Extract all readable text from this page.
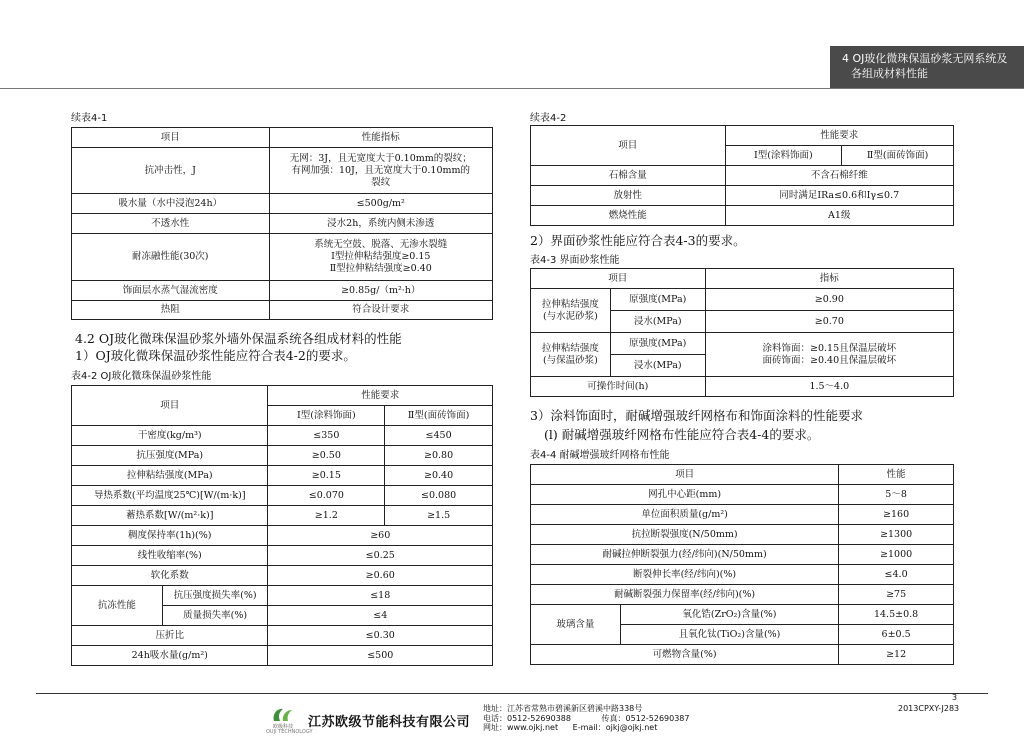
4 OJ玻化微珠保温砂浆无网系统及
各组成材料性能
续表4-1
项目	性能指标
抗冲击性，J	无网：3J，且无宽度大于0.10mm的裂纹；
有网加强：10J，且无宽度大于0.10mm的
裂纹
吸水量（水中浸泡24h）	≤500g/m²
不透水性	浸水2h，系统内侧未渗透
耐冻融性能(30次)	系统无空鼓、脱落、无渗水裂缝
Ⅰ型拉伸粘结强度≥0.15
Ⅱ型拉伸粘结强度≥0.40
饰面层水蒸气湿流密度	≥0.85g/（m²·h）
热阻	符合设计要求
4.2 OJ玻化微珠保温砂浆外墙外保温系统各组成材料的性能
1）OJ玻化微珠保温砂浆性能应符合表4-2的要求。
表4-2 OJ玻化微珠保温砂浆性能
项目		性能要求	
		Ⅰ型(涂料饰面)	Ⅱ型(面砖饰面)
干密度(kg/m³)		≤350	≤450
抗压强度(MPa)		≥0.50	≥0.80
拉伸粘结强度(MPa)		≥0.15	≥0.40
导热系数(平均温度25℃)[W/(m·k)]		≤0.070	≤0.080
蓄热系数[W/(m²·k)]		≥1.2	≥1.5
稠度保持率(1h)(%)		≥60	
线性收缩率(%)		≤0.25	
软化系数		≥0.60	
抗冻性能	抗压强度损失率(%)	≤18	
	质量损失率(%)	≤4	
压折比		≤0.30	
24h吸水量(g/m²)		≤500	
续表4-2
项目	性能要求	
	Ⅰ型(涂料饰面)	Ⅱ型(面砖饰面)
石棉含量	不含石棉纤维	
放射性	同时满足IRa≤0.6和Iγ≤0.7	
燃烧性能	A1级	
2）界面砂浆性能应符合表4-3的要求。
表4-3 界面砂浆性能
项目		指标
拉伸粘结强度
(与水泥砂浆)	原强度(MPa)	≥0.90
	浸水(MPa)	≥0.70
拉伸粘结强度
(与保温砂浆)	原强度(MPa)	涂料饰面：≥0.15且保温层破坏
面砖饰面：≥0.40且保温层破坏
	浸水(MPa)	
可操作时间(h)		1.5～4.0
3）涂料饰面时，耐碱增强玻纤网格布和饰面涂料的性能要求
(l) 耐碱增强玻纤网格布性能应符合表4-4的要求。
表4-4 耐碱增强玻纤网格布性能
项目		性能
网孔中心距(mm)		5～8
单位面积质量(g/m²)		≥160
抗拉断裂强度(N/50mm)		≥1300
耐碱拉伸断裂强力(经/纬向)(N/50mm)		≥1000
断裂伸长率(经/纬向)(%)		≤4.0
耐碱断裂强力保留率(经/纬向)(%)		≥75
玻璃含量	氧化锆(ZrO₂)含量(%)	14.5±0.8
	且氧化钛(TiO₂)含量(%)	6±0.5
可燃物含量(%)		≥12
3
2013CPXY-J283
欧级科技
OUJI TECHNOLOGY
江苏欧级节能科技有限公司
地址：江苏省常熟市碧溪新区碧溪中路338号
电话：0512-52690388	传真：0512-52690387
网址：www.ojkj.net E-mail：ojkj@ojkj.net
